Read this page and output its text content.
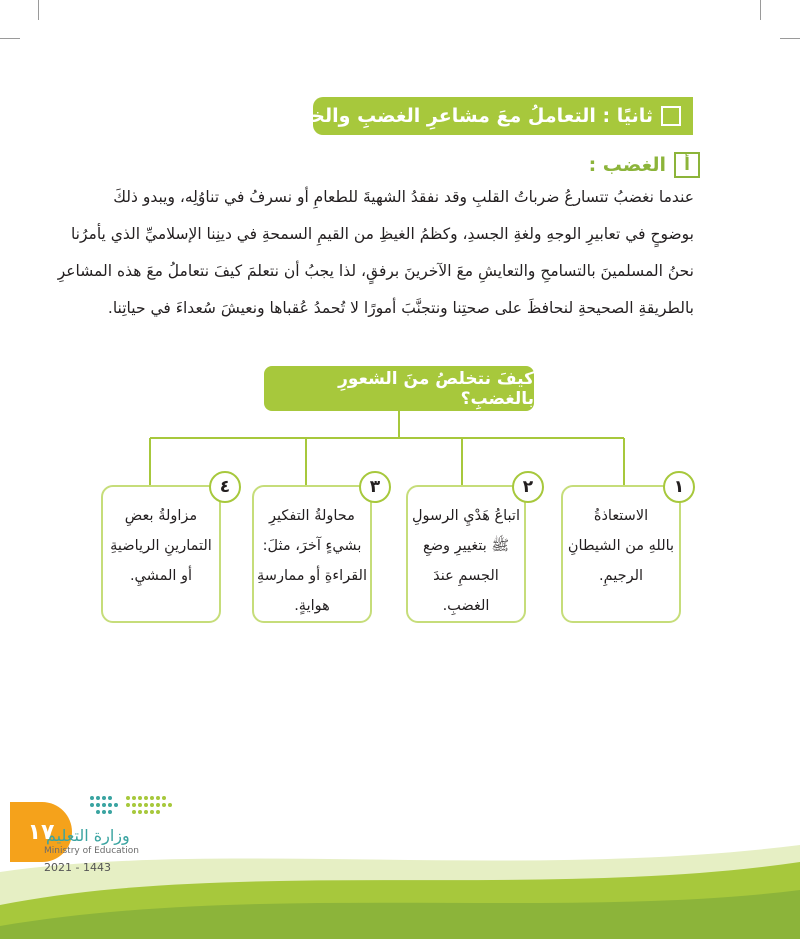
ثانيًا : التعاملُ معَ مشاعرِ الغضبِ والخجلِ :
أ
الغضب :

عندما نغضبُ تتسارعُ ضرباتُ القلبِ وقد نفقدُ الشهيةَ للطعامِ أو نسرفُ في تناوُلِه، ويبدو ذلكَ

بوضوحٍ في تعابيرِ الوجهِ ولغةِ الجسدِ، وكظمُ الغيظِ من القيمِ السمحةِ في دينِنا الإسلاميِّ الذي يأمرُنا

نحنُ المسلمينَ بالتسامحِ والتعايشِ معَ الآخرينَ برفقٍ، لذا يجبُ أن نتعلمَ كيفَ نتعاملُ معَ هذه المشاعرِ

بالطريقةِ الصحيحةِ لنحافظَ على صحتِنا ونتجنَّبَ أمورًا لا تُحمدُ عُقباها ونعيشَ سُعداءَ في حياتِنا.

كيفَ نتخلصُ منَ الشعورِ بالغضبِ؟

الاستعاذةُ

باللهِ من الشيطانِ

الرجيمِ.

١

اتباعُ هَدْيِ الرسولِ

ﷺ بتغييرِ وضعِ

الجسمِ عندَ

الغضبِ.

٢

محاولةُ التفكيرِ

بشيءٍ آخرَ، مثلَ:

القراءةِ أو ممارسةِ

هوايةٍ.

٣

مزاولةُ بعضِ

التمارينِ الرياضيةِ

أو المشيِ.

٤
١٧
وزارة التعليم
Ministry of Education
2021 - 1443
